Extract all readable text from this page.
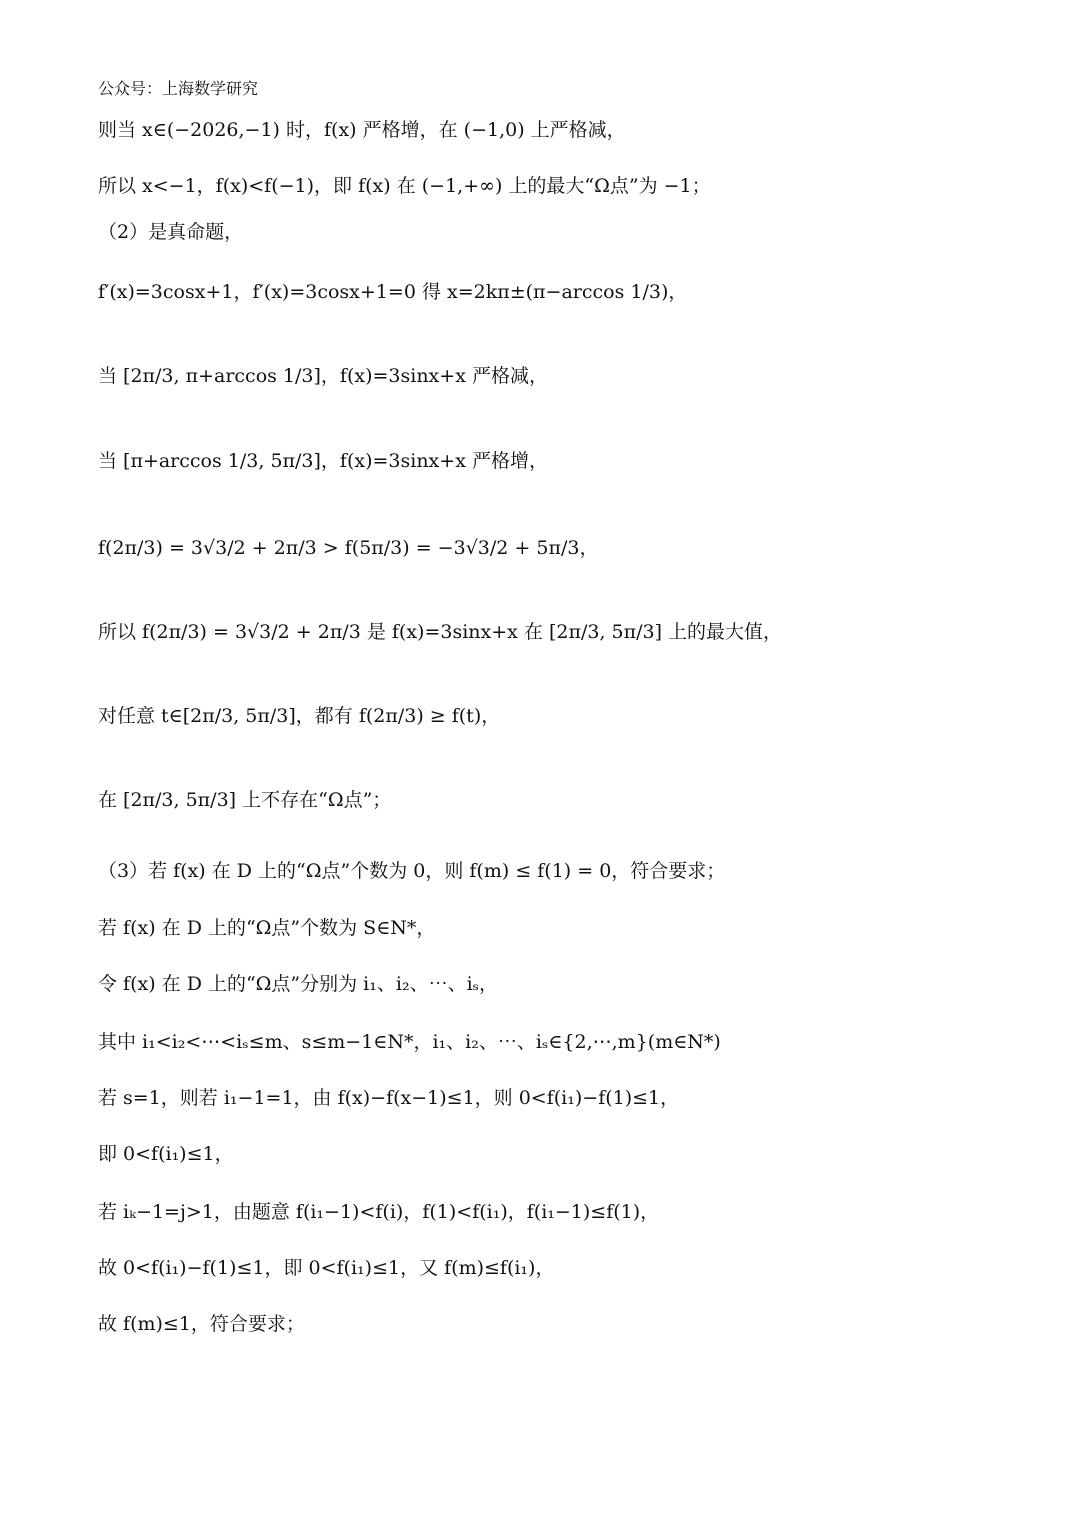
公众号：上海数学研究
则当 x∈(−2026,−1) 时，f(x) 严格增，在 (−1,0) 上严格减，
所以 x<−1，f(x)<f(−1)，即 f(x) 在 (−1,+∞) 上的最大“Ω点”为 −1；
（2）是真命题，
f′(x)=3cosx+1，f′(x)=3cosx+1=0 得 x=2kπ±(π−arccos 1/3)，
当 [2π/3, π+arccos 1/3]，f(x)=3sinx+x 严格减，
当 [π+arccos 1/3, 5π/3]，f(x)=3sinx+x 严格增，
f(2π/3) = 3√3/2 + 2π/3 > f(5π/3) = −3√3/2 + 5π/3，
所以 f(2π/3) = 3√3/2 + 2π/3 是 f(x)=3sinx+x 在 [2π/3, 5π/3] 上的最大值，
对任意 t∈[2π/3, 5π/3]，都有 f(2π/3) ≥ f(t)，
在 [2π/3, 5π/3] 上不存在“Ω点”；
（3）若 f(x) 在 D 上的“Ω点”个数为 0，则 f(m) ≤ f(1) = 0，符合要求；
若 f(x) 在 D 上的“Ω点”个数为 S∈N*，
令 f(x) 在 D 上的“Ω点”分别为 i₁、i₂、⋯、iₛ，
其中 i₁<i₂<⋯<iₛ≤m、s≤m−1∈N*，i₁、i₂、⋯、iₛ∈{2,⋯,m}(m∈N*)
若 s=1，则若 i₁−1=1，由 f(x)−f(x−1)≤1，则 0<f(i₁)−f(1)≤1，
即 0<f(i₁)≤1，
若 iₖ−1=j>1，由题意 f(i₁−1)<f(i)，f(1)<f(i₁)，f(i₁−1)≤f(1)，
故 0<f(i₁)−f(1)≤1，即 0<f(i₁)≤1，又 f(m)≤f(i₁)，
故 f(m)≤1，符合要求；
